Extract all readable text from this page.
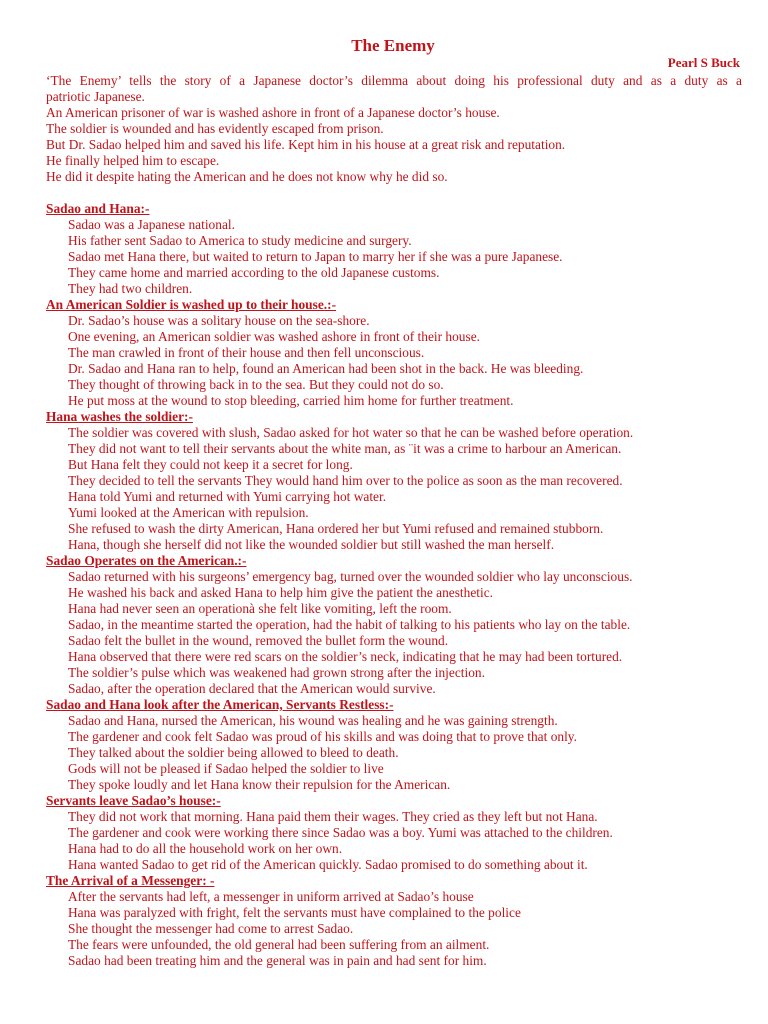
The Enemy
Pearl S Buck

‘The Enemy’ tells the story of a Japanese doctor’s dilemma about doing his professional duty and as a duty as a

patriotic Japanese.

An American prisoner of war is washed ashore in front of a Japanese doctor’s house.

The soldier is wounded and has evidently escaped from prison.

But Dr. Sadao helped him and saved his life. Kept him in his house at a great risk and reputation.

He finally helped him to escape.

He did it despite hating the American and he does not know why he did so.

Sadao and Hana:-
Sadao was a Japanese national.
His father sent Sadao to America to study medicine and surgery.
Sadao met Hana there, but waited to return to Japan to marry her if she was a pure Japanese.
They came home and married according to the old Japanese customs.
They had two children.
An American Soldier is washed up to their house.:-
Dr. Sadao’s house was a solitary house on the sea-shore.
One evening, an American soldier was washed ashore in front of their house.
The man crawled in front of their house and then fell unconscious.
Dr. Sadao and Hana ran to help, found an American had been shot in the back. He was bleeding.
They thought of throwing back in to the sea. But they could not do so.
He put moss at the wound to stop bleeding, carried him home for further treatment.
Hana washes the soldier:-
The soldier was covered with slush, Sadao asked for hot water so that he can be washed before operation.
They did not want to tell their servants about the white man, as ¨it was a crime to harbour an American.
But Hana felt they could not keep it a secret for long.
They decided to tell the servants They would hand him over to the police as soon as the man recovered.
Hana told Yumi and returned with Yumi carrying hot water.
Yumi looked at the American with repulsion.
She refused to wash the dirty American, Hana ordered her but Yumi refused and remained stubborn.
Hana, though she herself did not like the wounded soldier but still washed the man herself.
Sadao Operates on the American.:-
Sadao returned with his surgeons’ emergency bag, turned over the wounded soldier who lay unconscious.
He washed his back and asked Hana to help him give the patient the anesthetic.
Hana had never seen an operationà she felt like vomiting, left the room.
Sadao, in the meantime started the operation, had the habit of talking to his patients who lay on the table.
Sadao felt the bullet in the wound, removed the bullet form the wound.
Hana observed that there were red scars on the soldier’s neck, indicating that he may had been tortured.
The soldier’s pulse which was weakened had grown strong after the injection.
Sadao, after the operation declared that the American would survive.
Sadao and Hana look after the American, Servants Restless:-
Sadao and Hana, nursed the American, his wound was healing and he was gaining strength.
The gardener and cook felt Sadao was proud of his skills and was doing that to prove that only.
They talked about the soldier being allowed to bleed to death.
Gods will not be pleased if Sadao helped the soldier to live
They spoke loudly and let Hana know their repulsion for the American.
Servants leave Sadao’s house:-
They did not work that morning. Hana paid them their wages. They cried as they left but not Hana.
The gardener and cook were working there since Sadao was a boy. Yumi was attached to the children.
Hana had to do all the household work on her own.
Hana wanted Sadao to get rid of the American quickly. Sadao promised to do something about it.
The Arrival of a Messenger: -
After the servants had left, a messenger in uniform arrived at Sadao’s house
Hana was paralyzed with fright, felt the servants must have complained to the police
She thought the messenger had come to arrest Sadao.
The fears were unfounded, the old general had been suffering from an ailment.
Sadao had been treating him and the general was in pain and had sent for him.
